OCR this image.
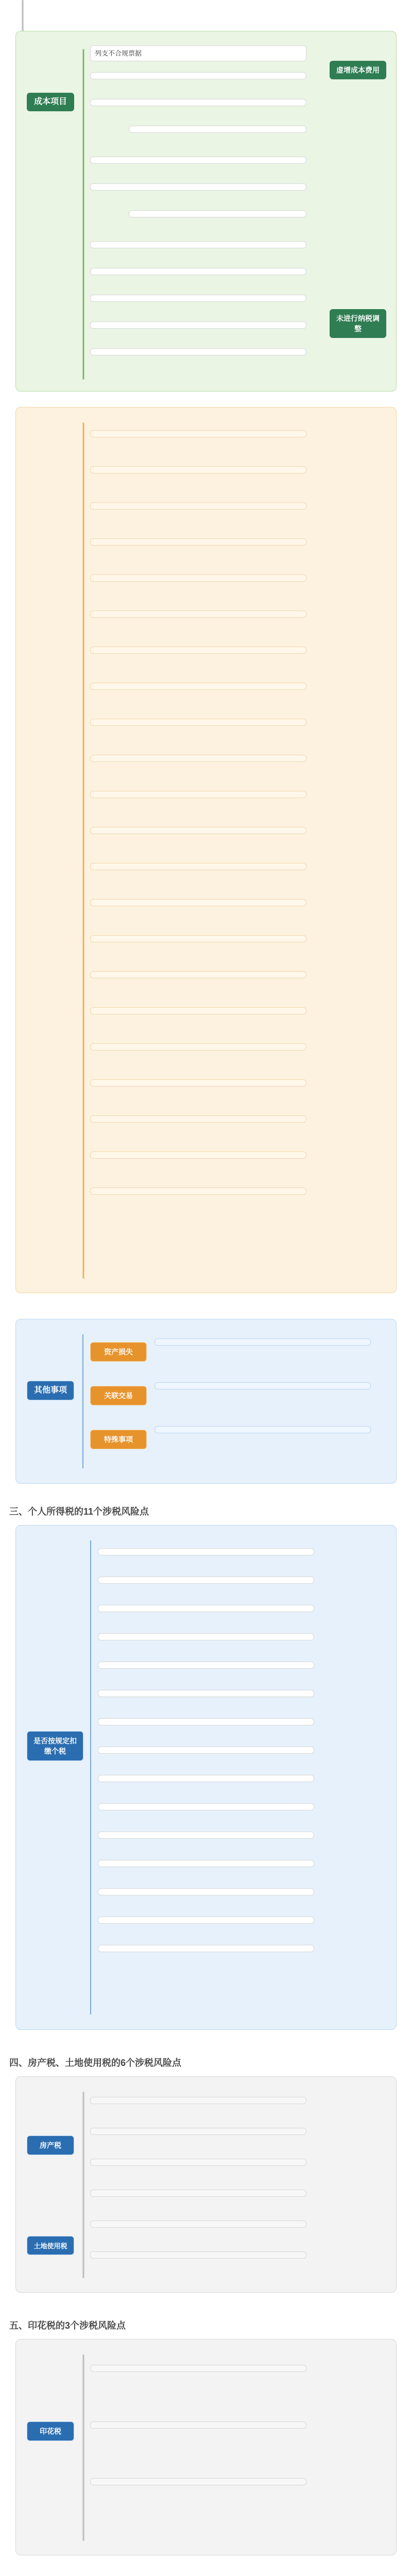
成本项目
虚增成本费用
未进行纳税调整
列支不合规票据
其他事项
资产损失
关联交易
特殊事项
三、个人所得税的11个涉税风险点
是否按规定扣缴个税
四、房产税、土地使用税的6个涉税风险点
房产税
土地使用税
五、印花税的3个涉税风险点
印花税
